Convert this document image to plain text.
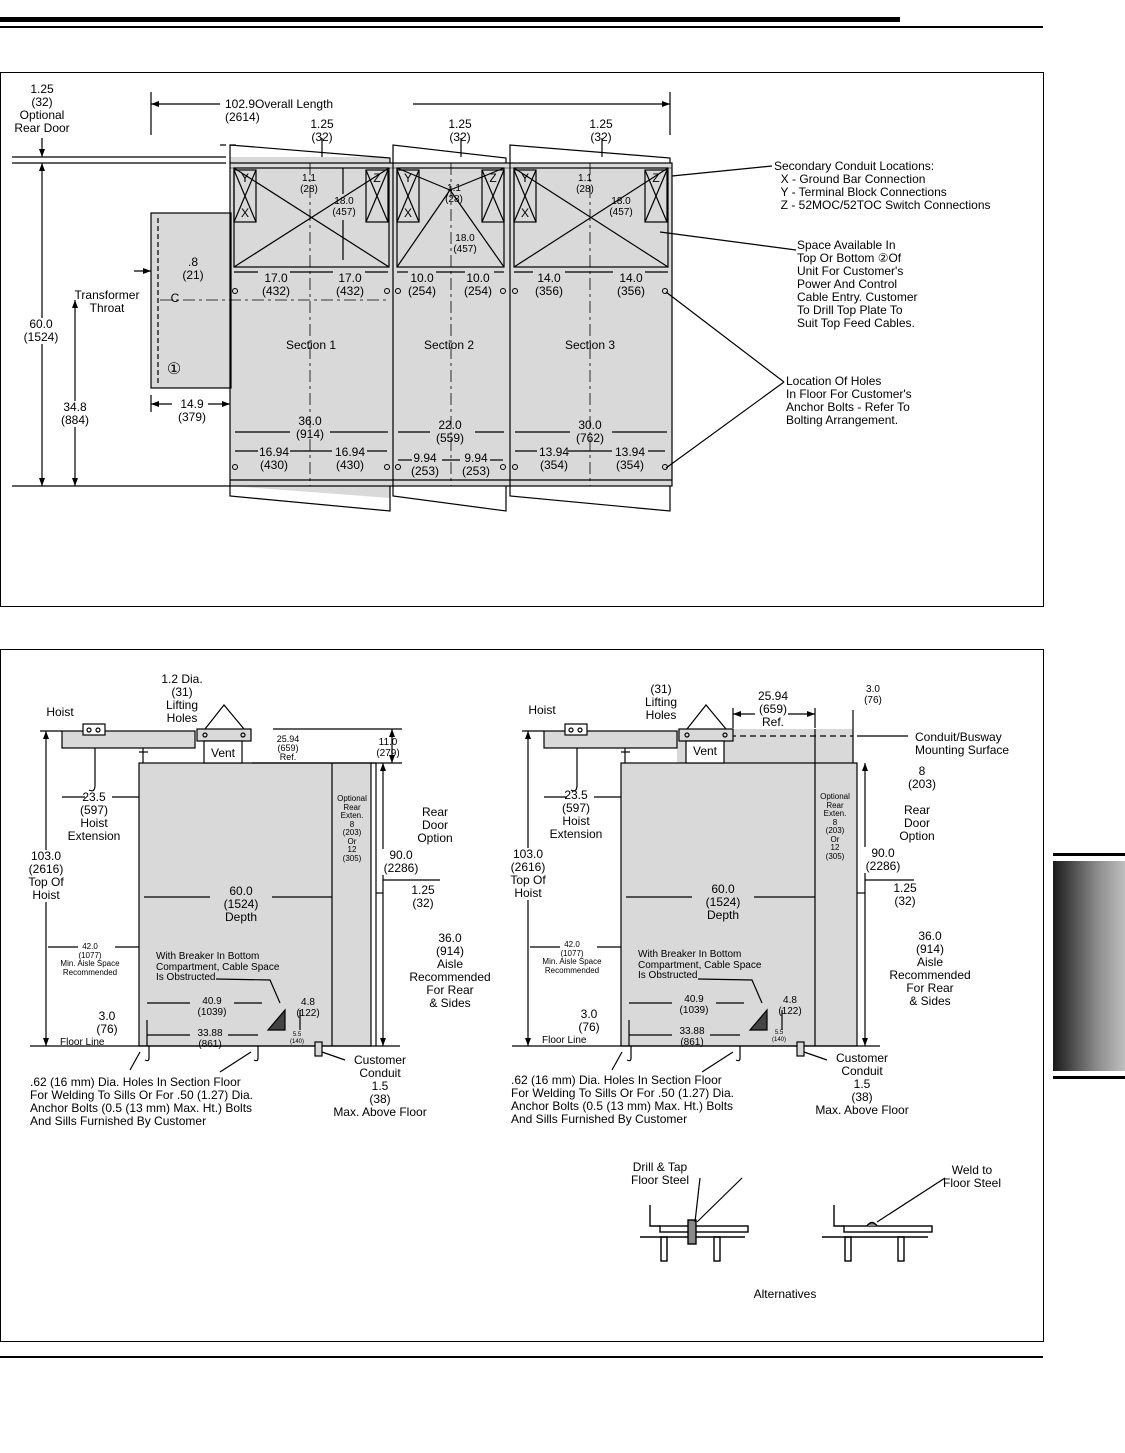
1.25
(32)
Optional
Rear Door
102.9Overall Length
(2614)	1.25
(32)
1.25
(32)
1.25
(32)
1.1
(28)	1.1
(28)
1.1
(28)
18.0
(457)
18.0
(457)
18.0
(457)
17.0
(432)
17.0
(432)
10.0
(254)
10.0
(254)
14.0
(356)
14.0
(356)
.8
(21)
Transformer
Throat
C
①
Section 1	Section 2	Section 3
60.0
(1524)
34.8
(884)
14.9
(379)	36.0
(914)
22.0
(559)
30.0
(762)
16.94
(430)
16.94
(430)	9.94
(253)
9.94
(253)
13.94
(354)
13.94
(354)
X
Y	Z
X
Y	Z
X
Y	Z
Secondary Conduit Locations:
X - Ground Bar Connection
Y - Terminal Block Connections
Z - 52MOC/52TOC Switch Connections
Space Available In
Top Or Bottom ②Of
Unit For Customer's
Power And Control
Cable Entry. Customer
To Drill Top Plate To
Suit Top Feed Cables.
Location Of Holes
In Floor For Customer's
Anchor Bolts - Refer To
Bolting Arrangement.
1.2 Dia.
(31)
Lifting
Holes
Hoist
Vent
25.94
(659)
Ref.
11.0
(279)
23.5
(597)
Hoist
Extension
Optional
Rear
Exten.
8
(203)
Or
12
(305)
Rear
Door
Option
90.0
(2286)
103.0
(2616)
Top Of
Hoist	60.0
(1524)
Depth
1.25
(32)
36.0
(914)
Aisle
Recommended
For Rear
& Sides
42.0
(1077)
Min. Aisle Space
Recommended
With Breaker In Bottom
Compartment, Cable Space
Is Obstructed
40.9
(1039)
4.8
(122)
5.5
(140)
3.0
(76)
Floor Line
33.88
(861)
.62 (16 mm) Dia. Holes In Section Floor
For Welding To Sills Or For .50 (1.27) Dia.
Anchor Bolts (0.5 (13 mm) Max. Ht.) Bolts
And Sills Furnished By Customer
Customer
Conduit
1.5
(38)
Max. Above Floor
(31)
Lifting
Holes
Hoist
Vent
25.94
(659)
Ref.
3.0
(76)
Conduit/Busway
Mounting Surface
8
(203)
23.5
(597)
Hoist
Extension
Optional
Rear
Exten.
8
(203)
Or
12
(305)
Rear
Door
Option
90.0
(2286)
103.0
(2616)
Top Of
Hoist	60.0
(1524)
Depth
1.25
(32)
36.0
(914)
Aisle
Recommended
For Rear
& Sides
42.0
(1077)
Min. Aisle Space
Recommended
With Breaker In Bottom
Compartment, Cable Space
Is Obstructed
40.9
(1039)
4.8
(122)
5.5
(140)
3.0
(76)
Floor Line
33.88
(861)
.62 (16 mm) Dia. Holes In Section Floor
For Welding To Sills Or For .50 (1.27) Dia.
Anchor Bolts (0.5 (13 mm) Max. Ht.) Bolts
And Sills Furnished By Customer
Customer
Conduit
1.5
(38)
Max. Above Floor
Drill & Tap
Floor Steel
Weld to
Floor Steel
Alternatives
